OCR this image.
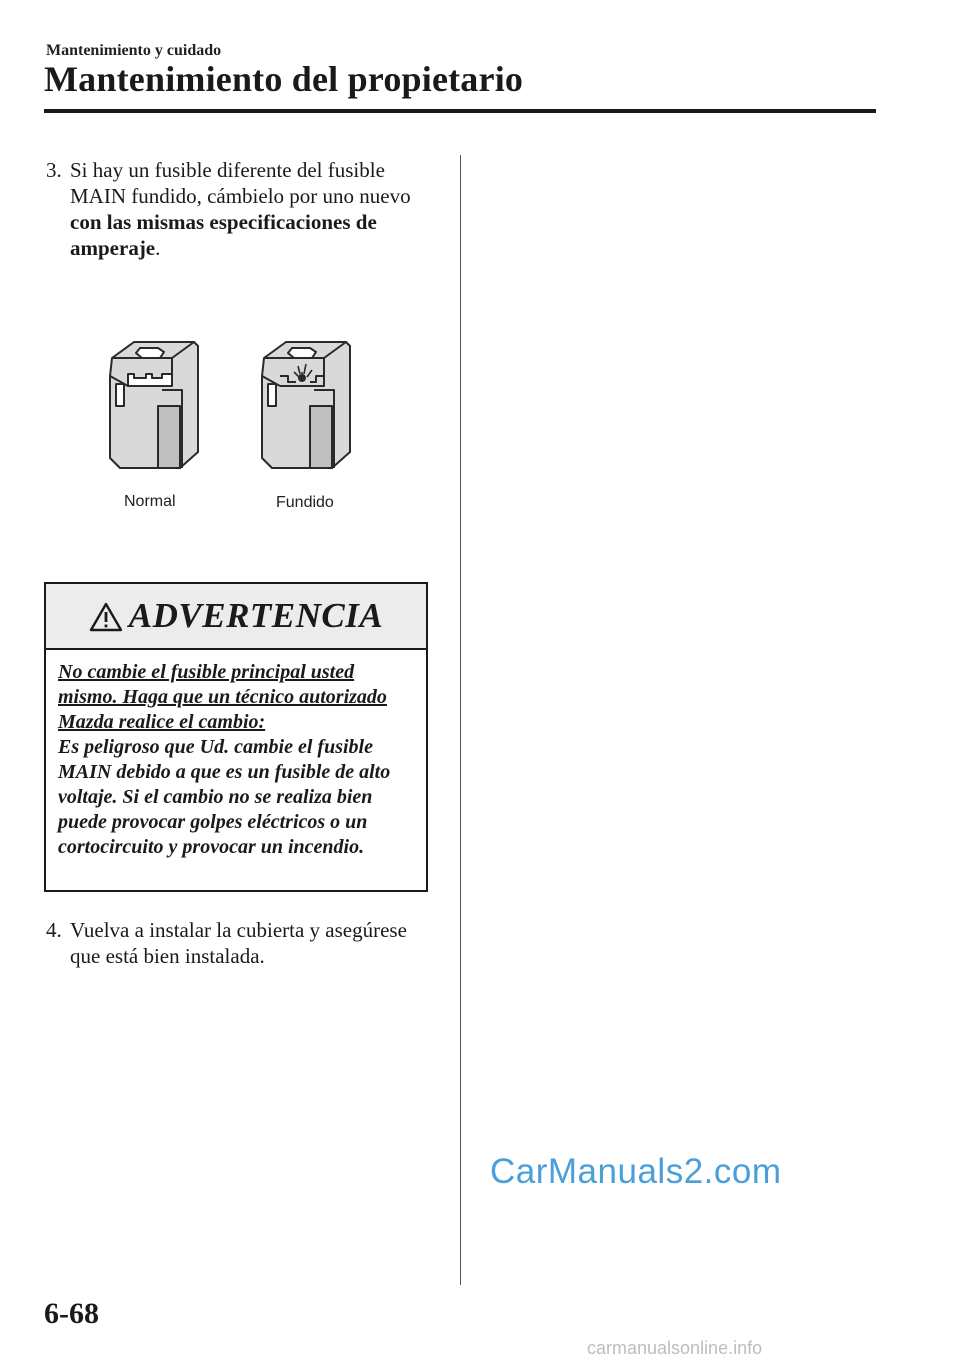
Mantenimiento y cuidado
Mantenimiento del propietario
3. Si hay un fusible diferente del fusible MAIN fundido, cámbielo por uno nuevo con las mismas especificaciones de amperaje.
Normal	Fundido
ADVERTENCIA
No cambie el fusible principal usted mismo. Haga que un técnico autorizado Mazda realice el cambio:
Es peligroso que Ud. cambie el fusible MAIN debido a que es un fusible de alto voltaje. Si el cambio no se realiza bien puede provocar golpes eléctricos o un cortocircuito y provocar un incendio.
4. Vuelva a instalar la cubierta y asegúrese que está bien instalada.
CarManuals2.com
6-68
carmanualsonline.info
